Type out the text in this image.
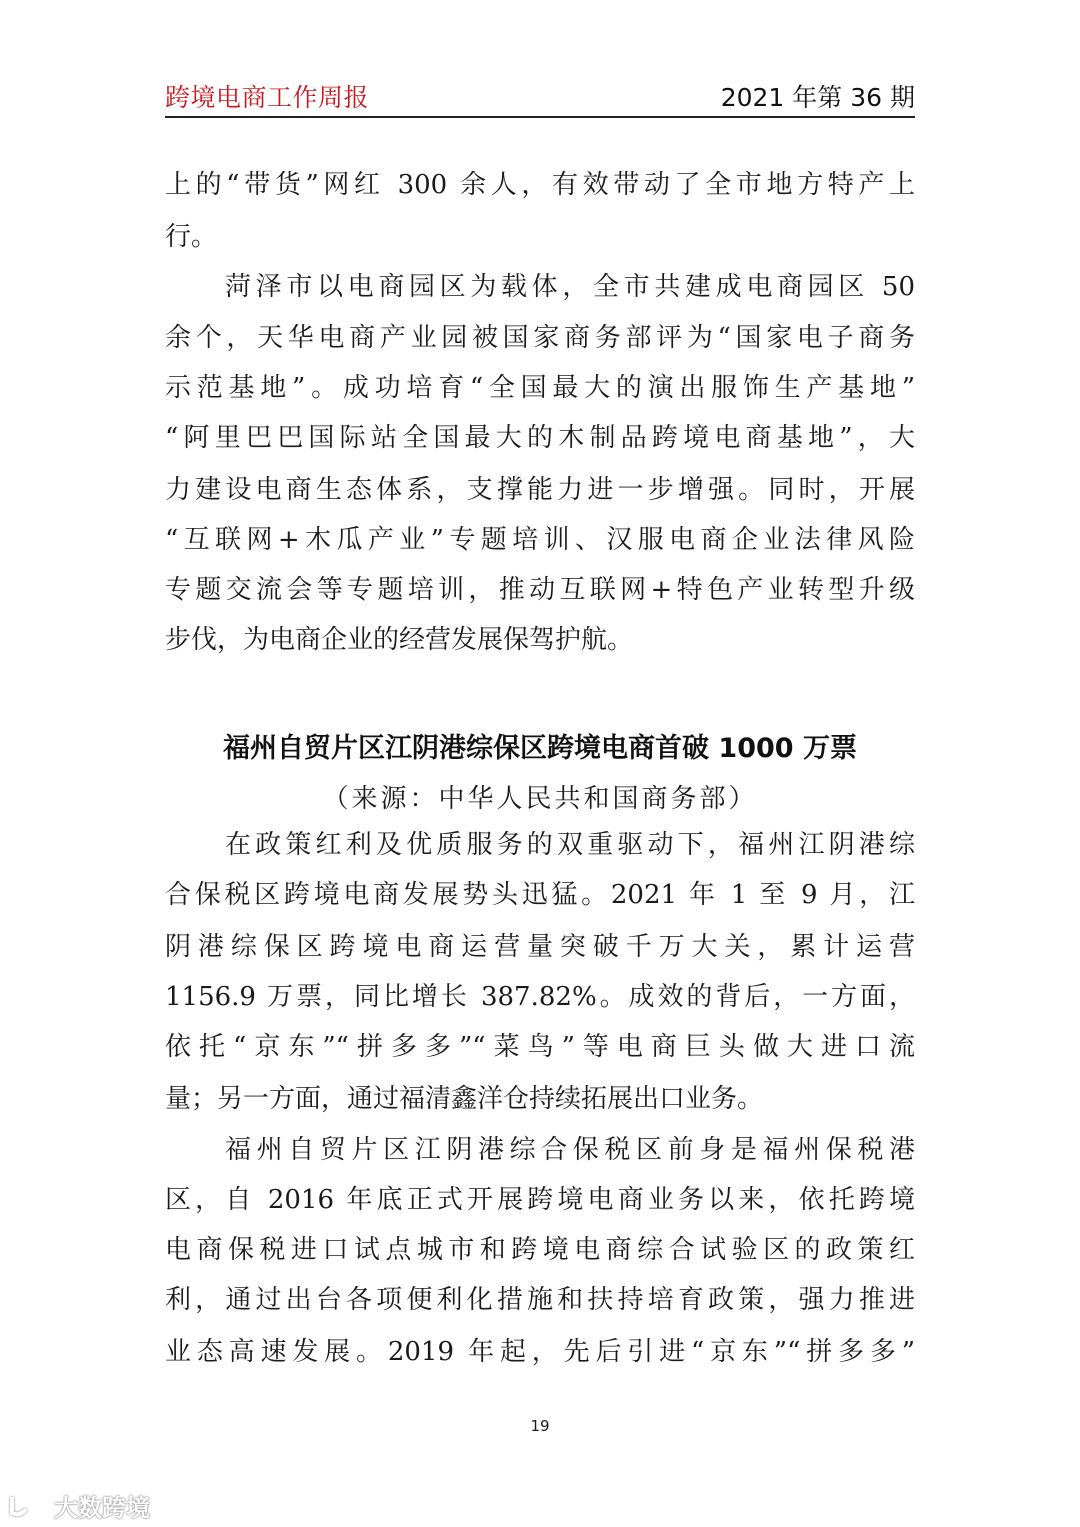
跨境电商工作周报	2021 年第 36 期
上的“带货”网红 300 余人，有效带动了全市地方特产上
行。
菏泽市以电商园区为载体，全市共建成电商园区 50
余个，天华电商产业园被国家商务部评为“国家电子商务
示范基地”。成功培育“全国最大的演出服饰生产基地”
“阿里巴巴国际站全国最大的木制品跨境电商基地”，大
力建设电商生态体系，支撑能力进一步增强。同时，开展
“互联网+木瓜产业”专题培训、汉服电商企业法律风险
专题交流会等专题培训，推动互联网+特色产业转型升级
步伐，为电商企业的经营发展保驾护航。
在政策红利及优质服务的双重驱动下，福州江阴港综
合保税区跨境电商发展势头迅猛。2021 年 1 至 9 月，江
阴港综保区跨境电商运营量突破千万大关，累计运营
1156.9 万票，同比增长 387.82%。成效的背后，一方面，
依托“京东”“拼多多”“菜鸟”等电商巨头做大进口流
量；另一方面，通过福清鑫洋仓持续拓展出口业务。
福州自贸片区江阴港综合保税区前身是福州保税港
区，自 2016 年底正式开展跨境电商业务以来，依托跨境
电商保税进口试点城市和跨境电商综合试验区的政策红
利，通过出台各项便利化措施和扶持培育政策，强力推进
业态高速发展。2019 年起，先后引进“京东”“拼多多”
福州自贸片区江阴港综保区跨境电商首破 1000 万票
（来源：中华人民共和国商务部）
19
大数跨境
